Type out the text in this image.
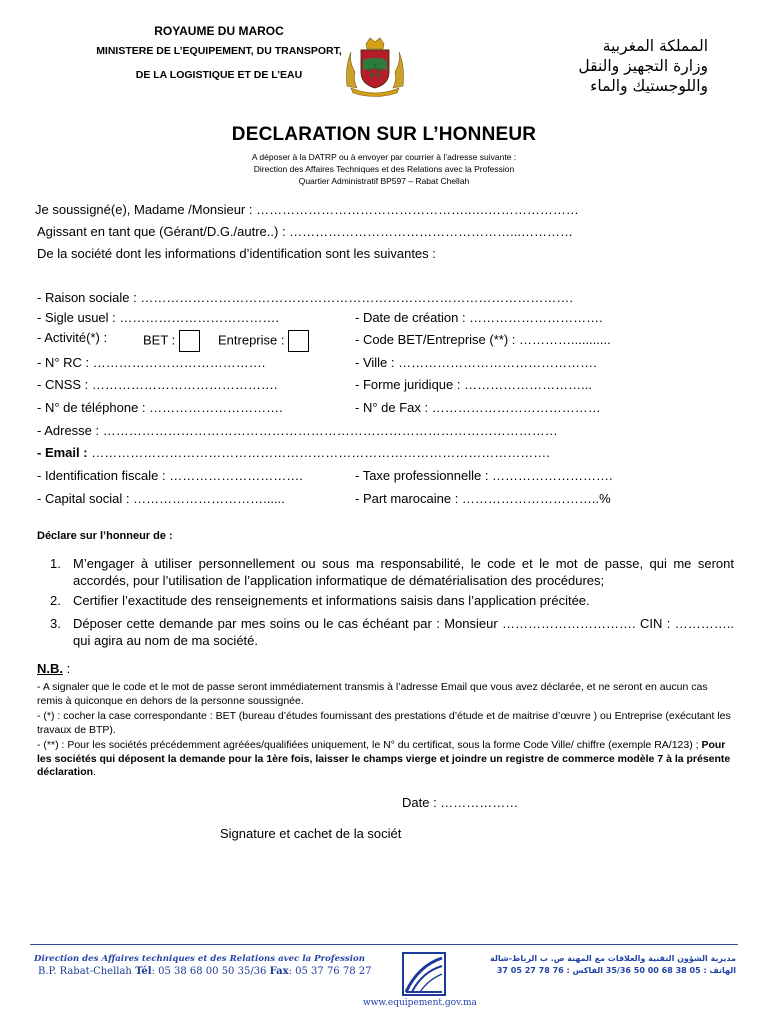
ROYAUME DU MAROC
MINISTERE DE L’EQUIPEMENT, DU TRANSPORT,
DE LA LOGISTIQUE ET DE L’EAU
المملكة المغربية
وزارة التجهيز والنقل
واللوجستيك والماء
DECLARATION SUR L’HONNEUR
A déposer à la DATRP ou à envoyer par courrier à l’adresse suivante :
Direction des Affaires Techniques et des Relations avec la Profession
Quartier Administratif BP597 – Rabat Chellah
Je soussigné(e), Madame /Monsieur : …………………………………………..….…………………
Agissant en tant que (Gérant/D.G./autre..) : ……………………………………………...…………
De la société dont les informations d’identification sont les suivantes :
- Raison sociale : ……………………………………………………………………………………….
- Sigle usuel : ……………………………….	- Date de création : ………………………….
- Activité(*) :	BET :	Entreprise :	- Code BET/Entreprise (**) : …………...........
- N° RC : ………………………………….	- Ville : ……………………………………….
- CNSS : …………………………………….	- Forme juridique : ………………………...
- N° de téléphone : ………………………….	- N° de Fax : …………………………………
- Adresse : ……………………………………………………………………………………………
- Email : …………………………………………………………………………………………….
- Identification fiscale : ………………………….	- Taxe professionnelle : ……………………….
- Capital social : …………………………......	- Part marocaine : …………………………..%
Déclare sur l’honneur de :
1. M’engager à utiliser personnellement ou sous ma responsabilité, le code et le mot de passe, qui me seront accordés, pour l’utilisation de l’application informatique de dématérialisation des procédures;
2. Certifier l’exactitude des renseignements et informations saisis dans l’application précitée.
3. Déposer cette demande par mes soins ou le cas échéant par : Monsieur …………………………. CIN : ………….. qui agira au nom de ma société.
N.B. :
- A signaler que le code et le mot de passe seront immédiatement transmis à l’adresse Email que vous avez déclarée, et ne seront en aucun cas remis à quiconque en dehors de la personne soussignée.
- (*) : cocher la case correspondante : BET (bureau d’études fournissant des prestations d’étude et de maitrise d’œuvre ) ou Entreprise (exécutant les travaux de BTP).
- (**) : Pour les sociétés précédemment agréées/qualifiées uniquement, le N° du certificat, sous la forme Code Ville/ chiffre (exemple RA/123) ; Pour les sociétés qui déposent la demande pour la 1ère fois, laisser le champs vierge et joindre un registre de commerce modèle 7 à la présente déclaration.
Date : ………………
Signature et cachet de la sociét
Direction des Affaires techniques et des Relations avec la Profession
B.P. Rabat-Chellah Tél: 05 38 68 00 50 35/36 Fax: 05 37 76 78 27
مديرية الشؤون التقنية والعلاقات مع المهنة ص. ب الرباط-شالة
الهاتف : 05 38 68 00 50 35/36 الفاكس : 76 78 27 05 37
www.equipement.gov.ma
